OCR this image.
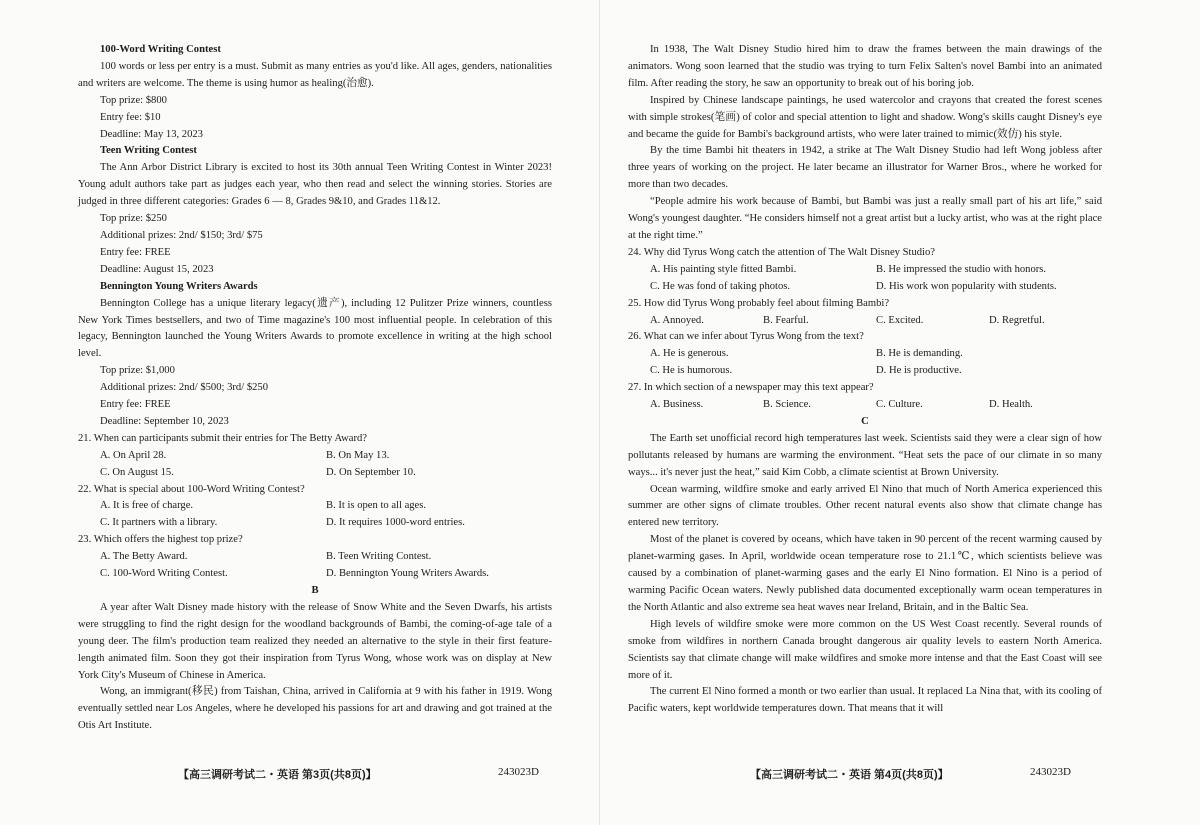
100-Word Writing Contest

100 words or less per entry is a must. Submit as many entries as you'd like. All ages, genders, nationalities and writers are welcome. The theme is using humor as healing(治愈).

Top prize: $800

Entry fee: $10

Deadline: May 13, 2023

Teen Writing Contest

The Ann Arbor District Library is excited to host its 30th annual Teen Writing Contest in Winter 2023! Young adult authors take part as judges each year, who then read and select the winning stories. Stories are judged in three different categories: Grades 6 — 8, Grades 9&10, and Grades 11&12.

Top prize: $250

Additional prizes: 2nd/ $150; 3rd/ $75

Entry fee: FREE

Deadline: August 15, 2023

Bennington Young Writers Awards

Bennington College has a unique literary legacy(遗产), including 12 Pulitzer Prize winners, countless New York Times bestsellers, and two of Time magazine's 100 most influential people. In celebration of this legacy, Bennington launched the Young Writers Awards to promote excellence in writing at the high school level.

Top prize: $1,000

Additional prizes: 2nd/ $500; 3rd/ $250

Entry fee: FREE

Deadline: September 10, 2023

21. When can participants submit their entries for The Betty Award?

A. On April 28.	B. On May 13.
C. On August 15.	D. On September 10.

22. What is special about 100-Word Writing Contest?

A. It is free of charge.	B. It is open to all ages.
C. It partners with a library.	D. It requires 1000-word entries.

23. Which offers the highest top prize?

A. The Betty Award.	B. Teen Writing Contest.
C. 100-Word Writing Contest.	D. Bennington Young Writers Awards.

B

A year after Walt Disney made history with the release of Snow White and the Seven Dwarfs, his artists were struggling to find the right design for the woodland backgrounds of Bambi, the coming-of-age tale of a young deer. The film's production team realized they needed an alternative to the style in their first feature-length animated film. Soon they got their inspiration from Tyrus Wong, whose work was on display at New York City's Museum of Chinese in America.

Wong, an immigrant(移民) from Taishan, China, arrived in California at 9 with his father in 1919. Wong eventually settled near Los Angeles, where he developed his passions for art and drawing and got trained at the Otis Art Institute.

【高三调研考试二・英语 第3页(共8页)】	243023D

In 1938, The Walt Disney Studio hired him to draw the frames between the main drawings of the animators. Wong soon learned that the studio was trying to turn Felix Salten's novel Bambi into an animated film. After reading the story, he saw an opportunity to break out of his boring job.

Inspired by Chinese landscape paintings, he used watercolor and crayons that created the forest scenes with simple strokes(笔画) of color and special attention to light and shadow. Wong's skills caught Disney's eye and became the guide for Bambi's background artists, who were later trained to mimic(效仿) his style.

By the time Bambi hit theaters in 1942, a strike at The Walt Disney Studio had left Wong jobless after three years of working on the project. He later became an illustrator for Warner Bros., where he worked for more than two decades.

“People admire his work because of Bambi, but Bambi was just a really small part of his art life,” said Wong's youngest daughter. “He considers himself not a great artist but a lucky artist, who was at the right place at the right time.”

24. Why did Tyrus Wong catch the attention of The Walt Disney Studio?

A. His painting style fitted Bambi.	B. He impressed the studio with honors.
C. He was fond of taking photos.	D. His work won popularity with students.

25. How did Tyrus Wong probably feel about filming Bambi?

A. Annoyed.	B. Fearful.	C. Excited.	D. Regretful.

26. What can we infer about Tyrus Wong from the text?

A. He is generous.	B. He is demanding.
C. He is humorous.	D. He is productive.

27. In which section of a newspaper may this text appear?

A. Business.	B. Science.	C. Culture.	D. Health.

C

The Earth set unofficial record high temperatures last week. Scientists said they were a clear sign of how pollutants released by humans are warming the environment. “Heat sets the pace of our climate in so many ways... it's never just the heat,” said Kim Cobb, a climate scientist at Brown University.

Ocean warming, wildfire smoke and early arrived El Nino that much of North America experienced this summer are other signs of climate troubles. Other recent natural events also show that climate change has entered new territory.

Most of the planet is covered by oceans, which have taken in 90 percent of the recent warming caused by planet-warming gases. In April, worldwide ocean temperature rose to 21.1℃, which scientists believe was caused by a combination of planet-warming gases and the early El Nino formation. El Nino is a period of warming Pacific Ocean waters. Newly published data documented exceptionally warm ocean temperatures in the North Atlantic and also extreme sea heat waves near Ireland, Britain, and in the Baltic Sea.

High levels of wildfire smoke were more common on the US West Coast recently. Several rounds of smoke from wildfires in northern Canada brought dangerous air quality levels to eastern North America. Scientists say that climate change will make wildfires and smoke more intense and that the East Coast will see more of it.

The current El Nino formed a month or two earlier than usual. It replaced La Nina that, with its cooling of Pacific waters, kept worldwide temperatures down. That means that it will

【高三调研考试二・英语 第4页(共8页)】	243023D
